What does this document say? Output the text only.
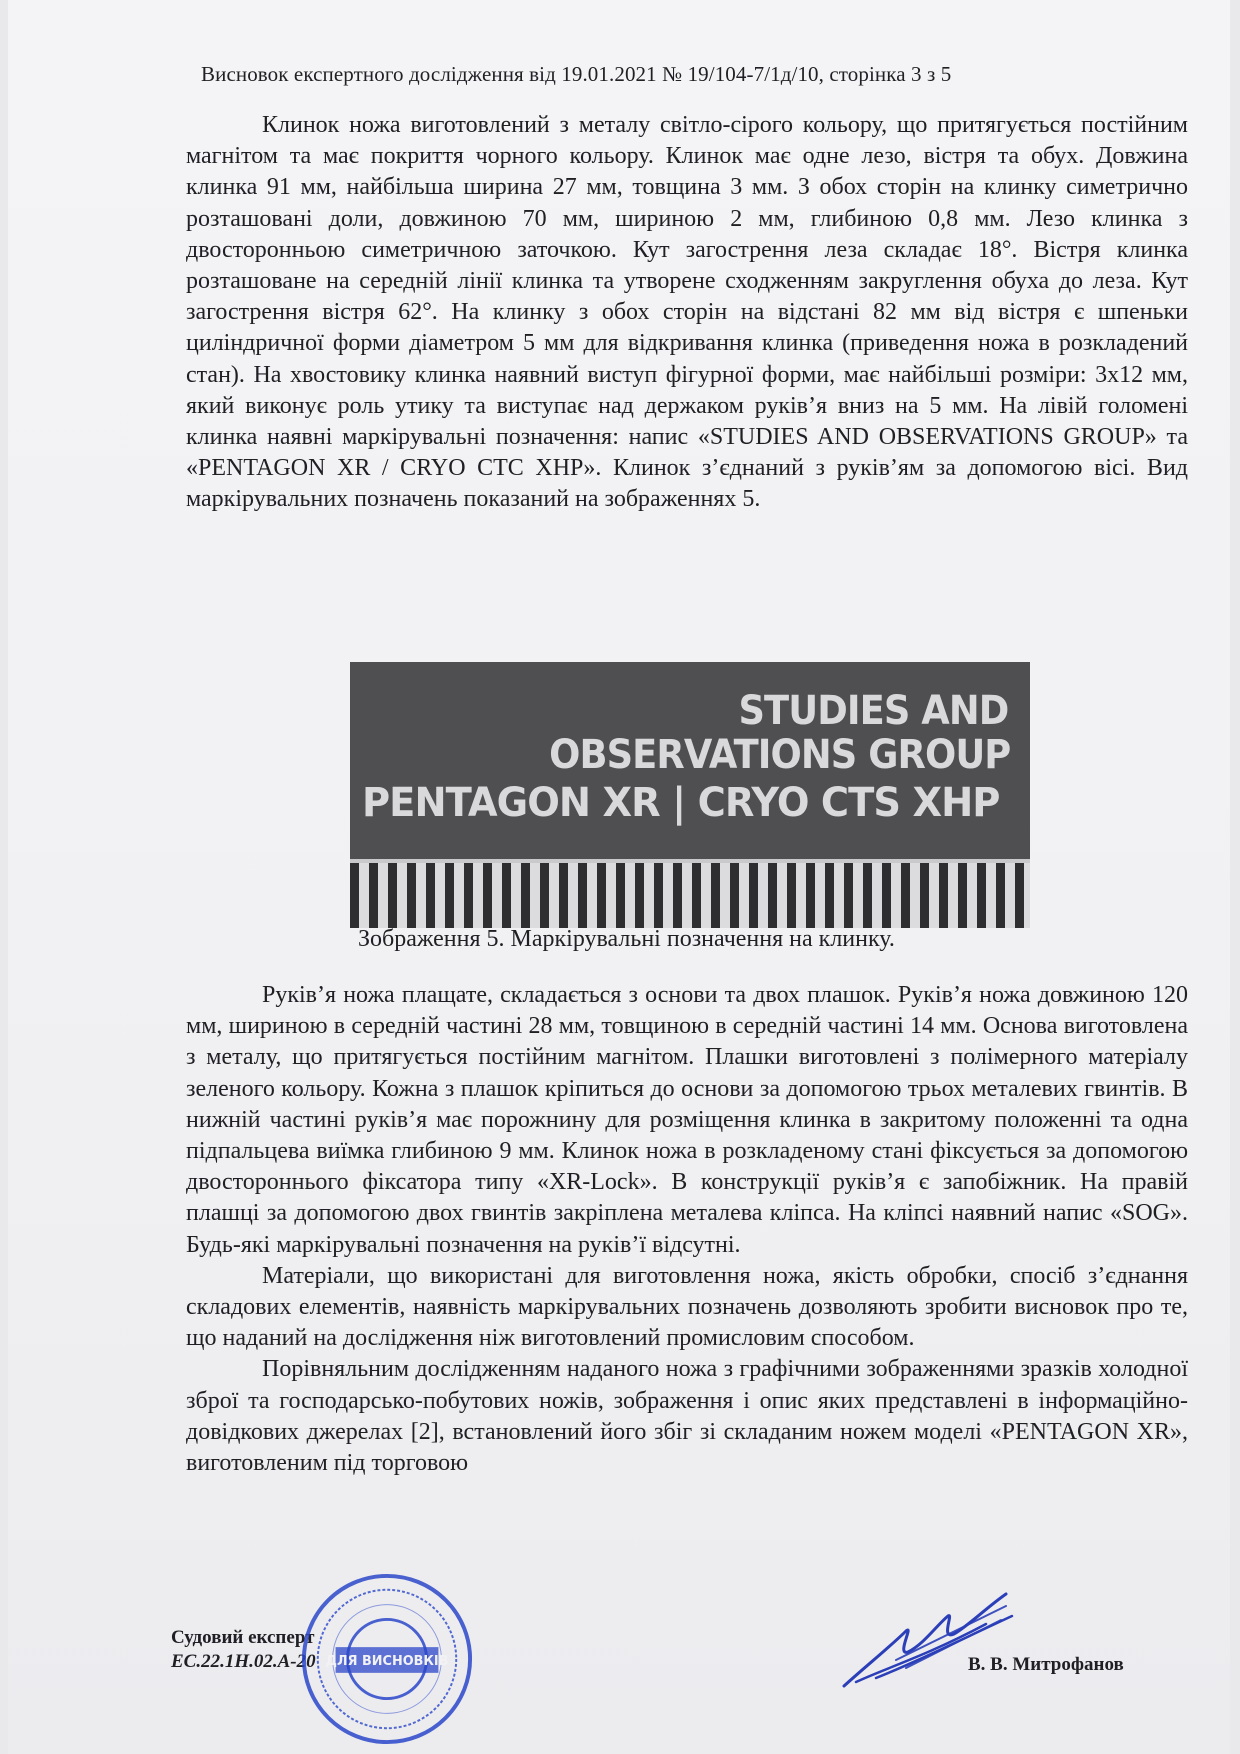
Висновок експертного дослідження від 19.01.2021 № 19/104-7/1д/10, сторінка 3 з 5

Клинок ножа виготовлений з металу світло-сірого кольору, що притягується постійним магнітом та має покриття чорного кольору. Клинок має одне лезо, вістря та обух. Довжина клинка 91 мм, найбільша ширина 27 мм, товщина 3 мм. З обох сторін на клинку симетрично розташовані доли, довжиною 70 мм, шириною 2 мм, глибиною 0,8 мм. Лезо клинка з двосторонньою симетричною заточкою. Кут загострення леза складає 18°. Вістря клинка розташоване на середній лінії клинка та утворене сходженням закруглення обуха до леза. Кут загострення вістря 62°. На клинку з обох сторін на відстані 82 мм від вістря є шпеньки циліндричної форми діаметром 5 мм для відкривання клинка (приведення ножа в розкладений стан). На хвостовику клинка наявний виступ фігурної форми, має найбільші розміри: 3х12 мм, який виконує роль утику та виступає над держаком руків’я вниз на 5 мм. На лівій голомені клинка наявні маркірувальні позначення: напис «STUDIES AND OBSERVATIONS GROUP» та «PENTAGON XR / CRYO CTC XHP». Клинок з’єднаний з руків’ям за допомогою вісі. Вид маркірувальних позначень показаний на зображеннях 5.

STUDIES AND
OBSERVATIONS GROUP
PENTAGON XR | CRYO CTS XHP
Зображення 5. Маркірувальні позначення на клинку.

Руків’я ножа плащате, складається з основи та двох плашок. Руків’я ножа довжиною 120 мм, шириною в середній частині 28 мм, товщиною в середній частині 14 мм. Основа виготовлена з металу, що притягується постійним магнітом. Плашки виготовлені з полімерного матеріалу зеленого кольору. Кожна з плашок кріпиться до основи за допомогою трьох металевих гвинтів. В нижній частині руків’я має порожнину для розміщення клинка в закритому положенні та одна підпальцева виїмка глибиною 9 мм. Клинок ножа в розкладеному стані фіксується за допомогою двостороннього фіксатора типу «XR-Lock». В конструкції руків’я є запобіжник. На правій плашці за допомогою двох гвинтів закріплена металева кліпса. На кліпсі наявний напис «SOG». Будь-які маркірувальні позначення на руків’ї відсутні.

Матеріали, що використані для виготовлення ножа, якість обробки, спосіб з’єднання складових елементів, наявність маркірувальних позначень дозволяють зробити висновок про те, що наданий на дослідження ніж виготовлений промисловим способом.

Порівняльним дослідженням наданого ножа з графічними зображеннями зразків холодної зброї та господарсько-побутових ножів, зображення і опис яких представлені в інформаційно-довідкових джерелах [2], встановлений його збіг зі складаним ножем моделі «PENTAGON XR», виготовленим під торговою

Судовий експерт
ЕС.22.1Н.02.А-20 ДЛЯ ВИСНОВКІВ	В. В. Митрофанов
